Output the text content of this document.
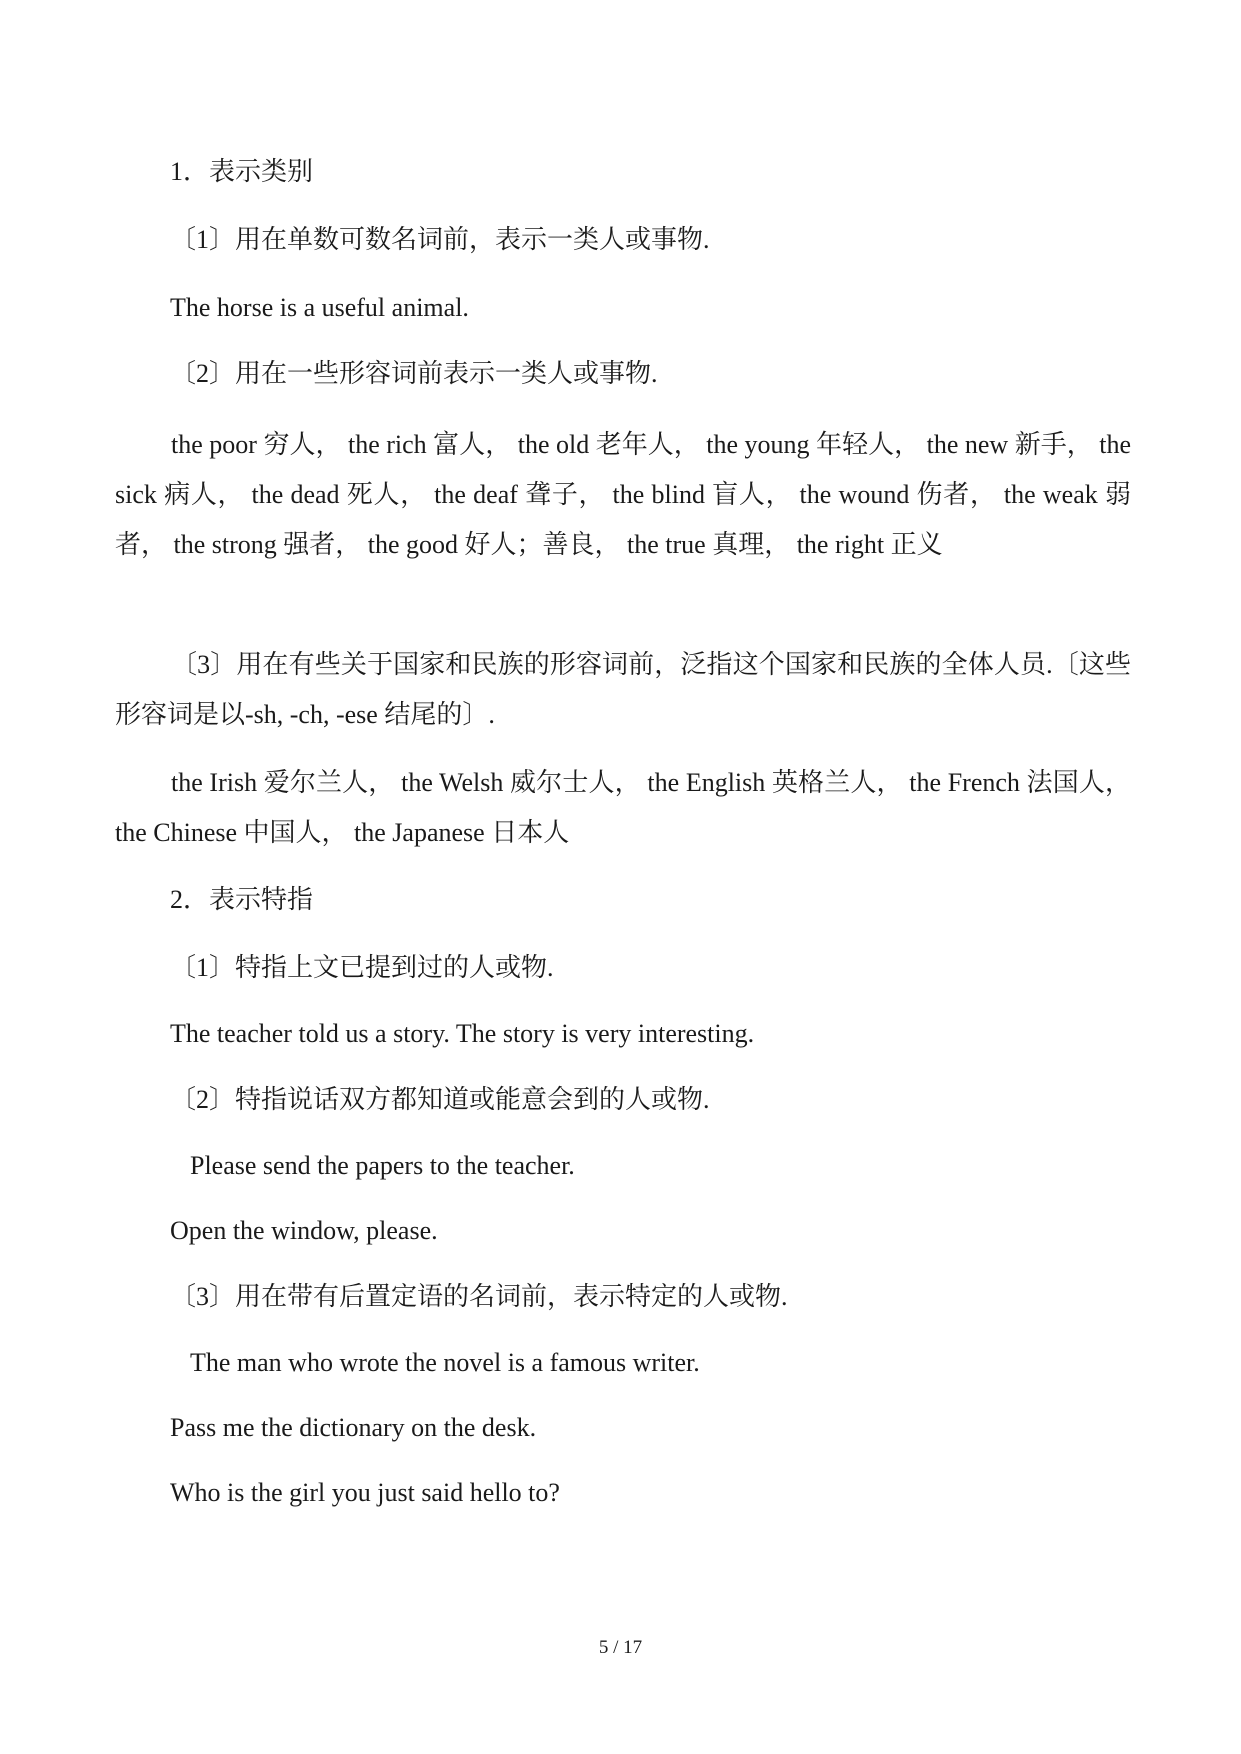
1．表示类别
〔1〕用在单数可数名词前，表示一类人或事物.
The horse is a useful animal.
〔2〕用在一些形容词前表示一类人或事物.
the poor 穷人， the rich 富人， the old 老年人， the young 年轻人， the new 新手， the sick 病人， the dead 死人， the deaf 聋子， the blind 盲人， the wound 伤者， the weak 弱者， the strong 强者， the good 好人；善良， the true 真理， the right 正义
〔3〕用在有些关于国家和民族的形容词前，泛指这个国家和民族的全体人员.〔这些形容词是以-sh, -ch, -ese 结尾的〕.
the Irish 爱尔兰人， the Welsh 威尔士人， the English 英格兰人， the French 法国人， the Chinese 中国人， the Japanese 日本人
2．表示特指
〔1〕特指上文已提到过的人或物.
The teacher told us a story. The story is very interesting.
〔2〕特指说话双方都知道或能意会到的人或物.
Please send the papers to the teacher.
Open the window, please.
〔3〕用在带有后置定语的名词前，表示特定的人或物.
The man who wrote the novel is a famous writer.
Pass me the dictionary on the desk.
Who is the girl you just said hello to?
5 / 17
